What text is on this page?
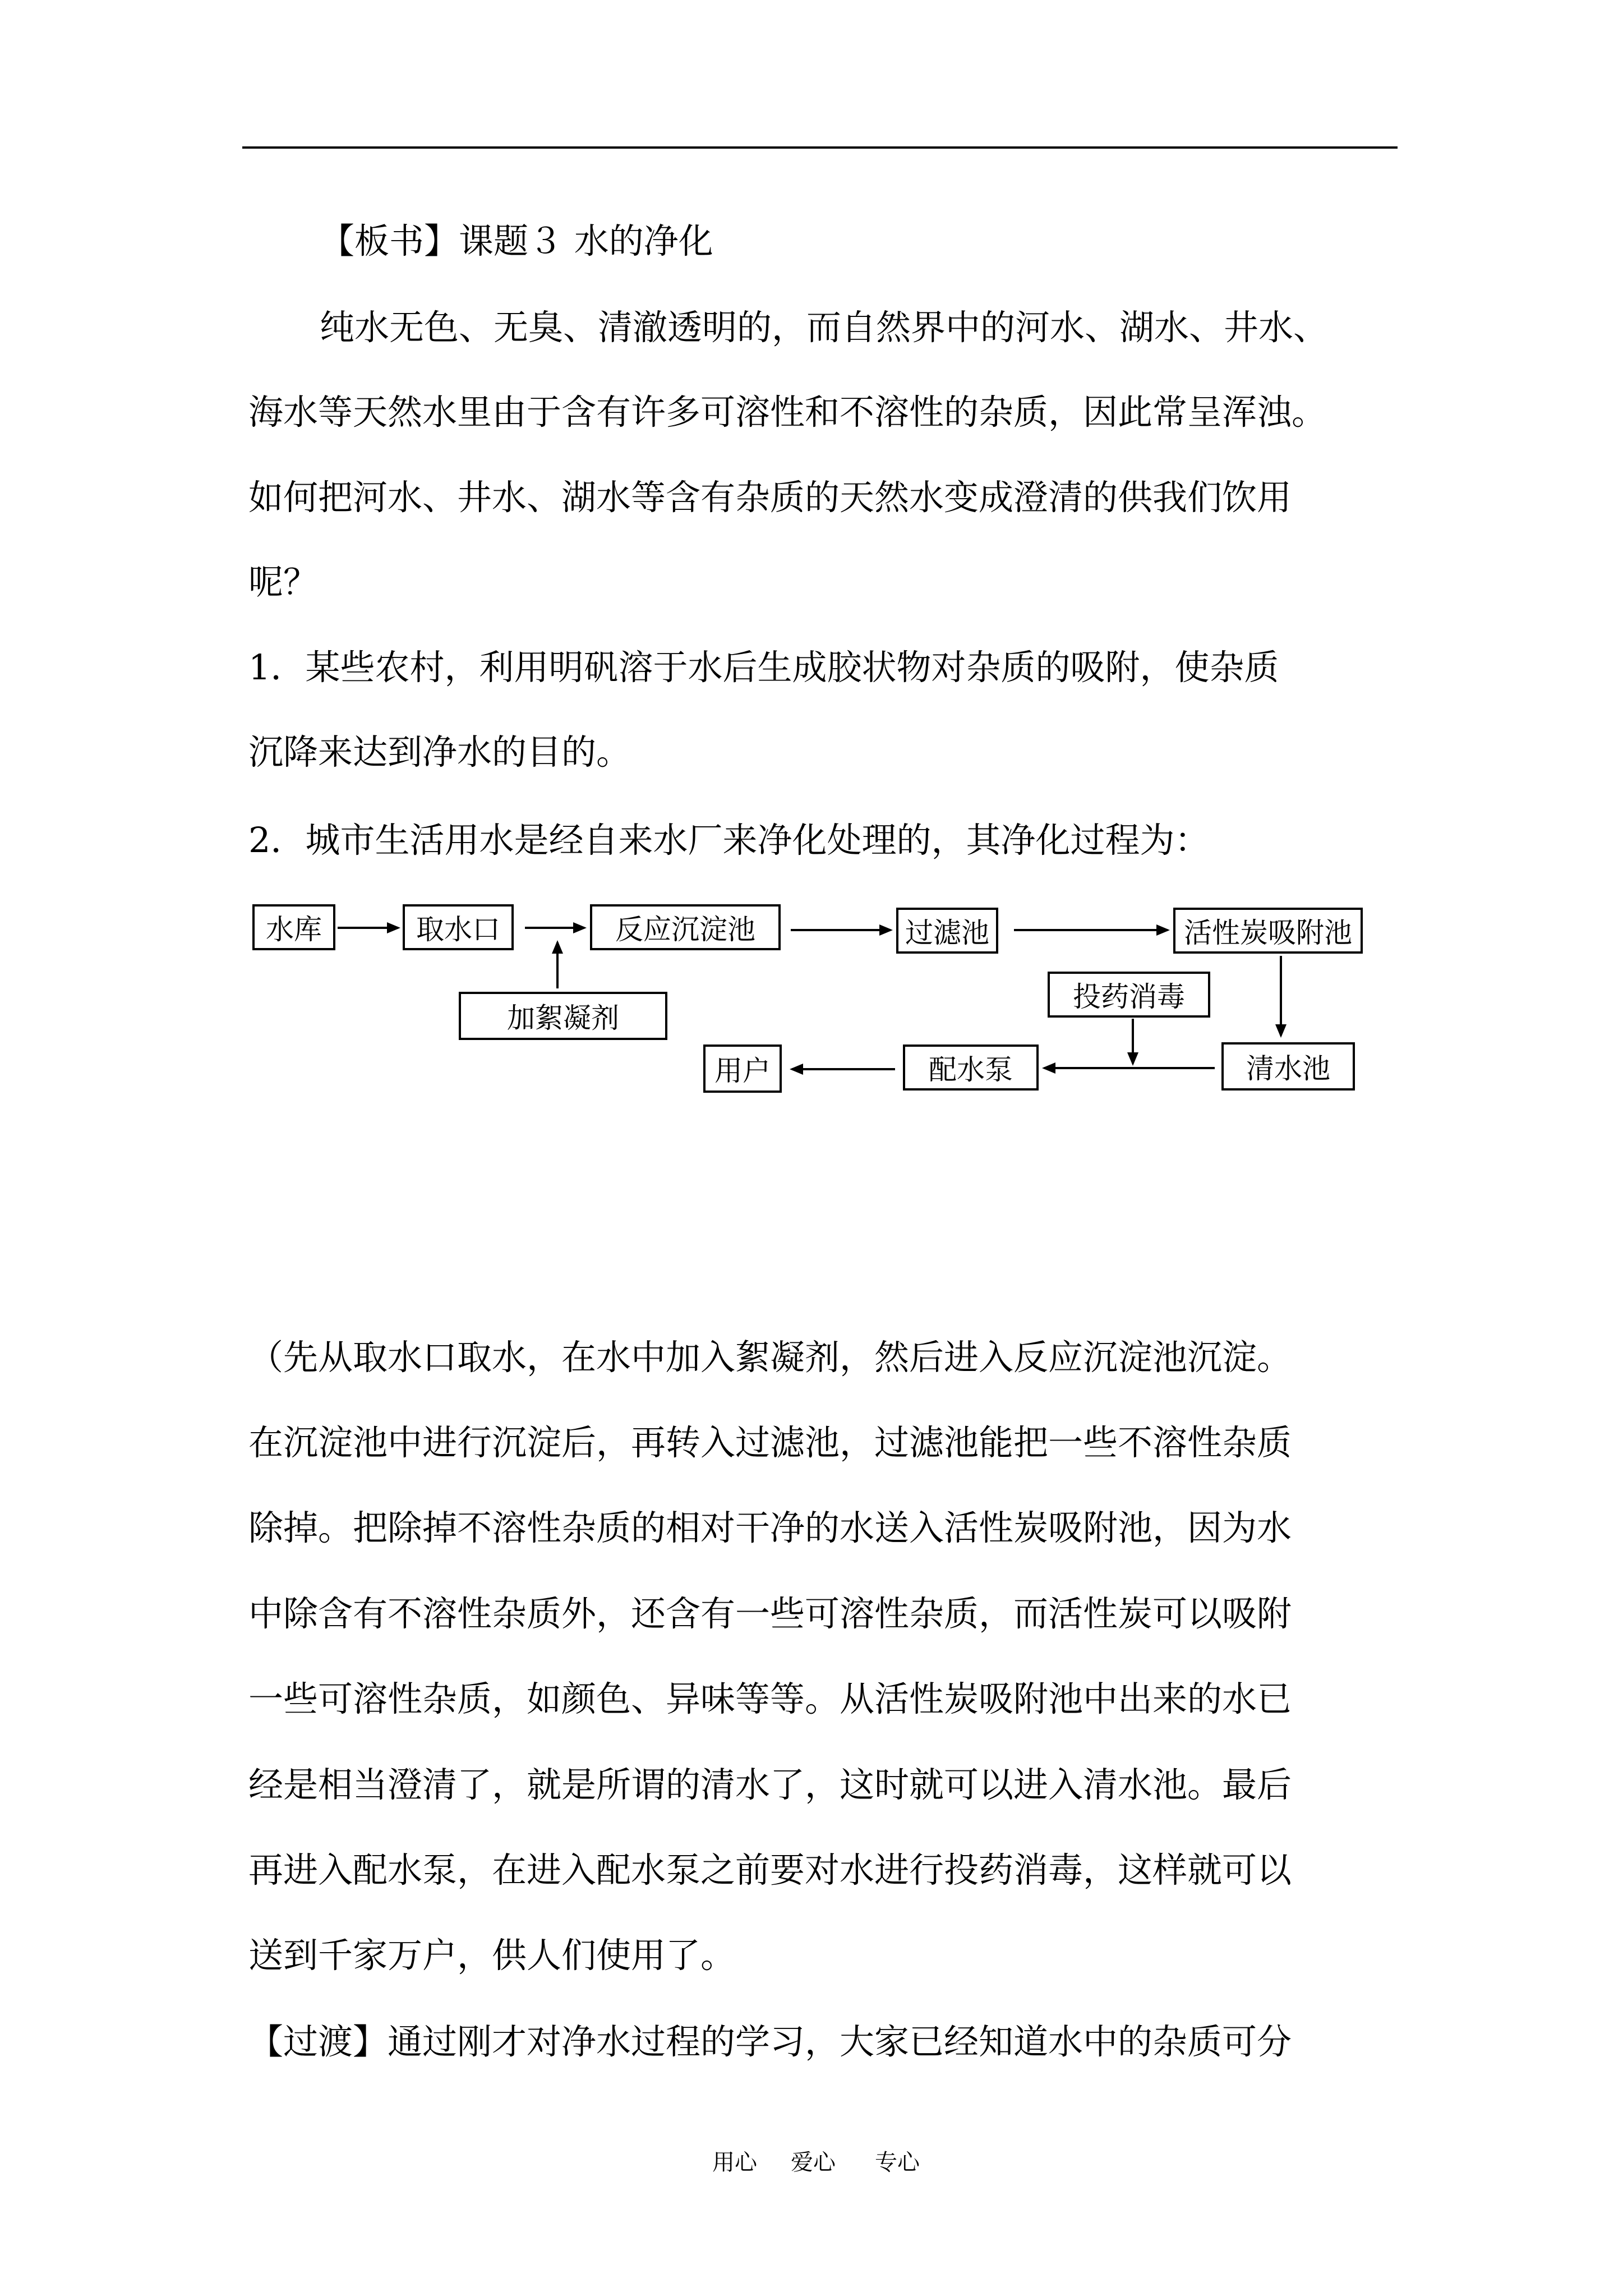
【板书】课题３ 水的净化
纯水无色、无臭、清澈透明的，而自然界中的河水、湖水、井水、
海水等天然水里由于含有许多可溶性和不溶性的杂质，因此常呈浑浊。
如何把河水、井水、湖水等含有杂质的天然水变成澄清的供我们饮用
呢？
1．某些农村，利用明矾溶于水后生成胶状物对杂质的吸附，使杂质
沉降来达到净水的目的。
2．城市生活用水是经自来水厂来净化处理的，其净化过程为：
水库	取水口	反应沉淀池	过滤池	活性炭吸附池
加絮凝剂
投药消毒
清水池
配水泵
用户
（先从取水口取水，在水中加入絮凝剂，然后进入反应沉淀池沉淀。
在沉淀池中进行沉淀后，再转入过滤池，过滤池能把一些不溶性杂质
除掉。把除掉不溶性杂质的相对干净的水送入活性炭吸附池，因为水
中除含有不溶性杂质外，还含有一些可溶性杂质，而活性炭可以吸附
一些可溶性杂质，如颜色、异味等等。从活性炭吸附池中出来的水已
经是相当澄清了，就是所谓的清水了，这时就可以进入清水池。最后
再进入配水泵，在进入配水泵之前要对水进行投药消毒，这样就可以
送到千家万户，供人们使用了。
【过渡】通过刚才对净水过程的学习，大家已经知道水中的杂质可分
用心 爱心 专心
